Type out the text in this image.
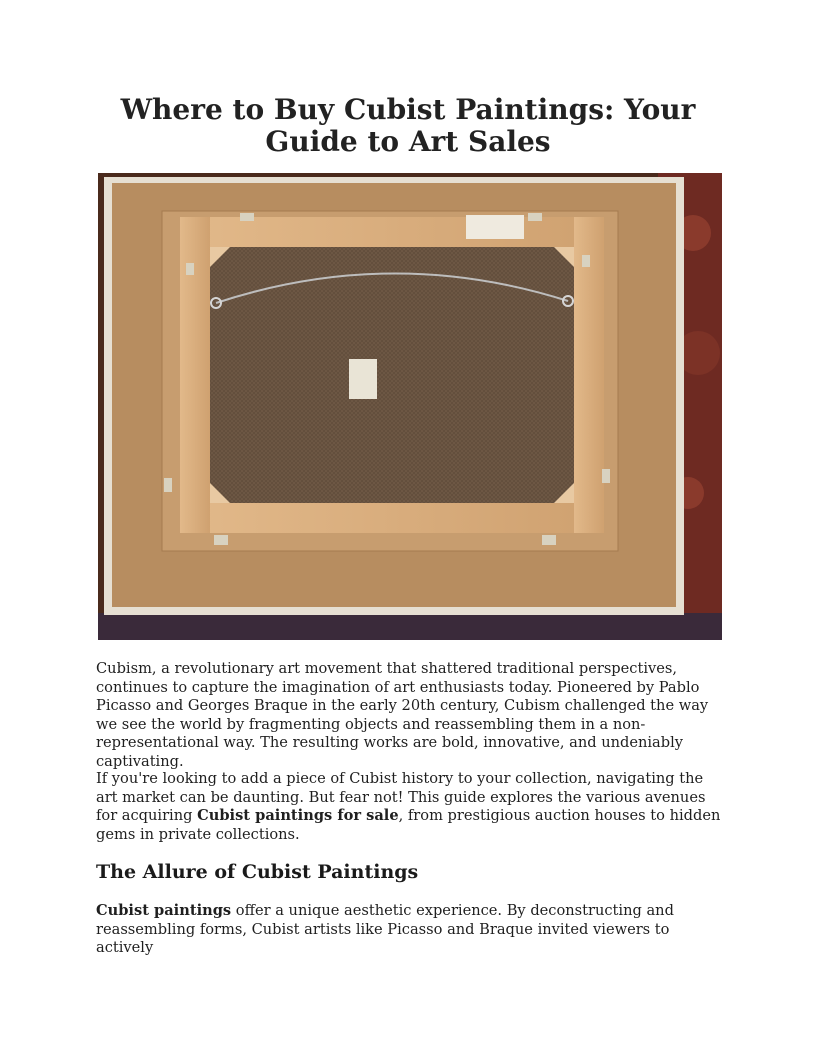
Where to Buy Cubist Paintings: Your Guide to Art Sales

Cubism, a revolutionary art movement that shattered traditional perspectives, continues to capture the imagination of art enthusiasts today. Pioneered by Pablo Picasso and Georges Braque in the early 20th century, Cubism challenged the way we see the world by fragmenting objects and reassembling them in a non-representational way. The resulting works are bold, innovative, and undeniably captivating.

If you're looking to add a piece of Cubist history to your collection, navigating the art market can be daunting. But fear not! This guide explores the various avenues for acquiring Cubist paintings for sale, from prestigious auction houses to hidden gems in private collections.

The Allure of Cubist Paintings

Cubist paintings offer a unique aesthetic experience. By deconstructing and reassembling forms, Cubist artists like Picasso and Braque invited viewers to actively
